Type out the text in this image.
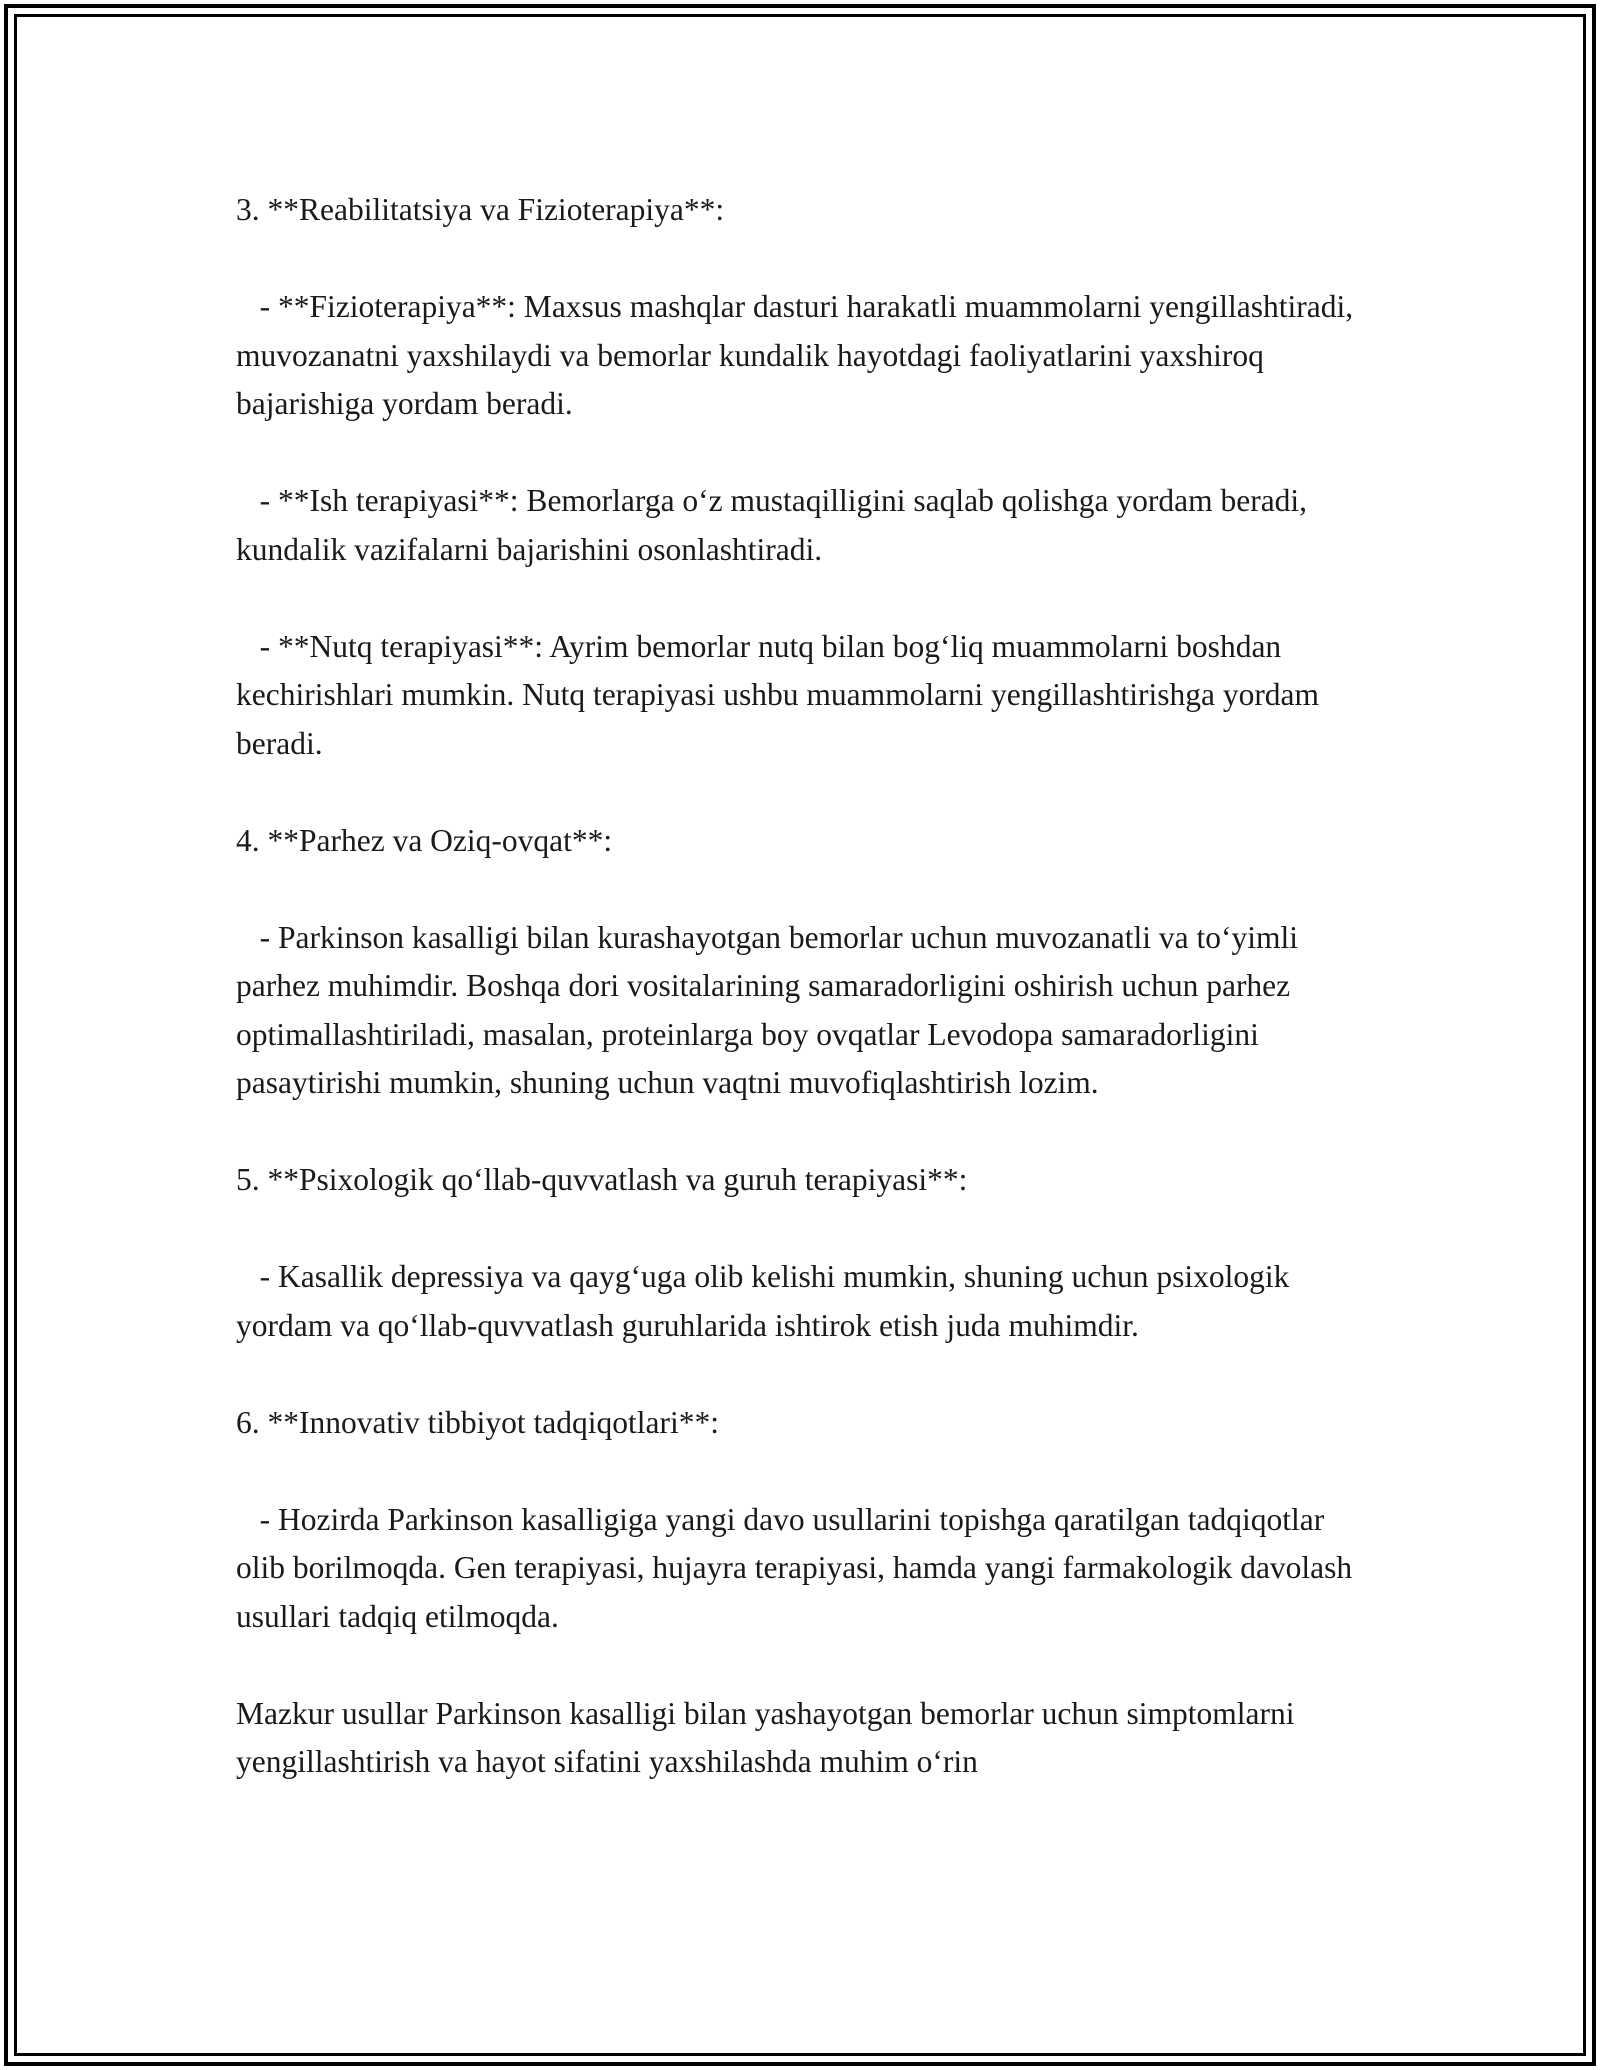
3. **Reabilitatsiya va Fizioterapiya**:

- **Fizioterapiya**: Maxsus mashqlar dasturi harakatli muammolarni yengillashtiradi, muvozanatni yaxshilaydi va bemorlar kundalik hayotdagi faoliyatlarini yaxshiroq bajarishiga yordam beradi.

- **Ish terapiyasi**: Bemorlarga o‘z mustaqilligini saqlab qolishga yordam beradi, kundalik vazifalarni bajarishini osonlashtiradi.

- **Nutq terapiyasi**: Ayrim bemorlar nutq bilan bog‘liq muammolarni boshdan kechirishlari mumkin. Nutq terapiyasi ushbu muammolarni yengillashtirishga yordam beradi.

4. **Parhez va Oziq-ovqat**:

- Parkinson kasalligi bilan kurashayotgan bemorlar uchun muvozanatli va to‘yimli parhez muhimdir. Boshqa dori vositalarining samaradorligini oshirish uchun parhez optimallashtiriladi, masalan, proteinlarga boy ovqatlar Levodopa samaradorligini pasaytirishi mumkin, shuning uchun vaqtni muvofiqlashtirish lozim.

5. **Psixologik qo‘llab-quvvatlash va guruh terapiyasi**:

- Kasallik depressiya va qayg‘uga olib kelishi mumkin, shuning uchun psixologik yordam va qo‘llab-quvvatlash guruhlarida ishtirok etish juda muhimdir.

6. **Innovativ tibbiyot tadqiqotlari**:

- Hozirda Parkinson kasalligiga yangi davo usullarini topishga qaratilgan tadqiqotlar olib borilmoqda. Gen terapiyasi, hujayra terapiyasi, hamda yangi farmakologik davolash usullari tadqiq etilmoqda.

Mazkur usullar Parkinson kasalligi bilan yashayotgan bemorlar uchun simptomlarni yengillashtirish va hayot sifatini yaxshilashda muhim o‘rin
